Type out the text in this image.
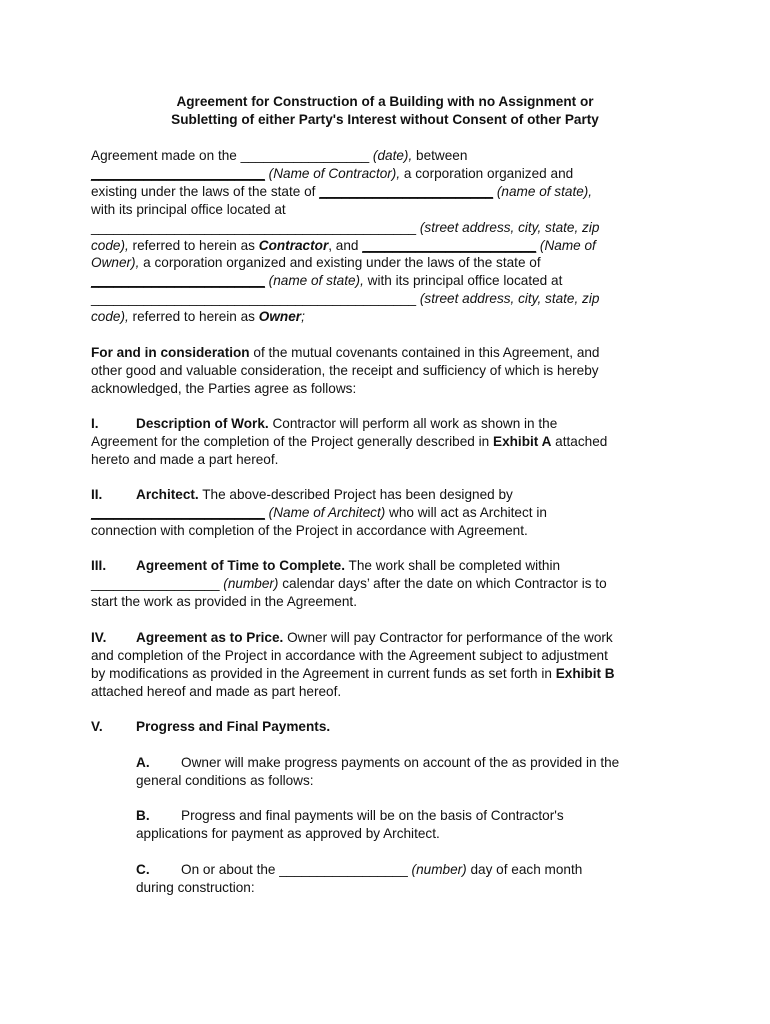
Agreement for Construction of a Building with no Assignment or
Subletting of either Party's Interest without Consent of other Party
Agreement made on the _________________ (date), between
_______________________ (Name of Contractor), a corporation organized and
existing under the laws of the state of _______________________ (name of state),
with its principal office located at
___________________________________________ (street address, city, state, zip
code), referred to herein as Contractor, and _______________________ (Name of
Owner), a corporation organized and existing under the laws of the state of
_______________________ (name of state), with its principal office located at
___________________________________________ (street address, city, state, zip
code), referred to herein as Owner;
For and in consideration of the mutual covenants contained in this Agreement, and
other good and valuable consideration, the receipt and sufficiency of which is hereby
acknowledged, the Parties agree as follows:
I.	Description of Work. Contractor will perform all work as shown in the
Agreement for the completion of the Project generally described in Exhibit A attached
hereto and made a part hereof.
II. Architect. The above-described Project has been designed by
_______________________ (Name of Architect) who will act as Architect in
connection with completion of the Project in accordance with Agreement.
III. Agreement of Time to Complete. The work shall be completed within
_________________ (number) calendar days’ after the date on which Contractor is to
start the work as provided in the Agreement.
IV. Agreement as to Price. Owner will pay Contractor for performance of the work
and completion of the Project in accordance with the Agreement subject to adjustment
by modifications as provided in the Agreement in current funds as set forth in Exhibit B
attached hereof and made as part hereof.
V. Progress and Final Payments.
A. Owner will make progress payments on account of the as provided in the
general conditions as follows:
B. Progress and final payments will be on the basis of Contractor's
applications for payment as approved by Architect.
C. On or about the _________________ (number) day of each month
during construction:
